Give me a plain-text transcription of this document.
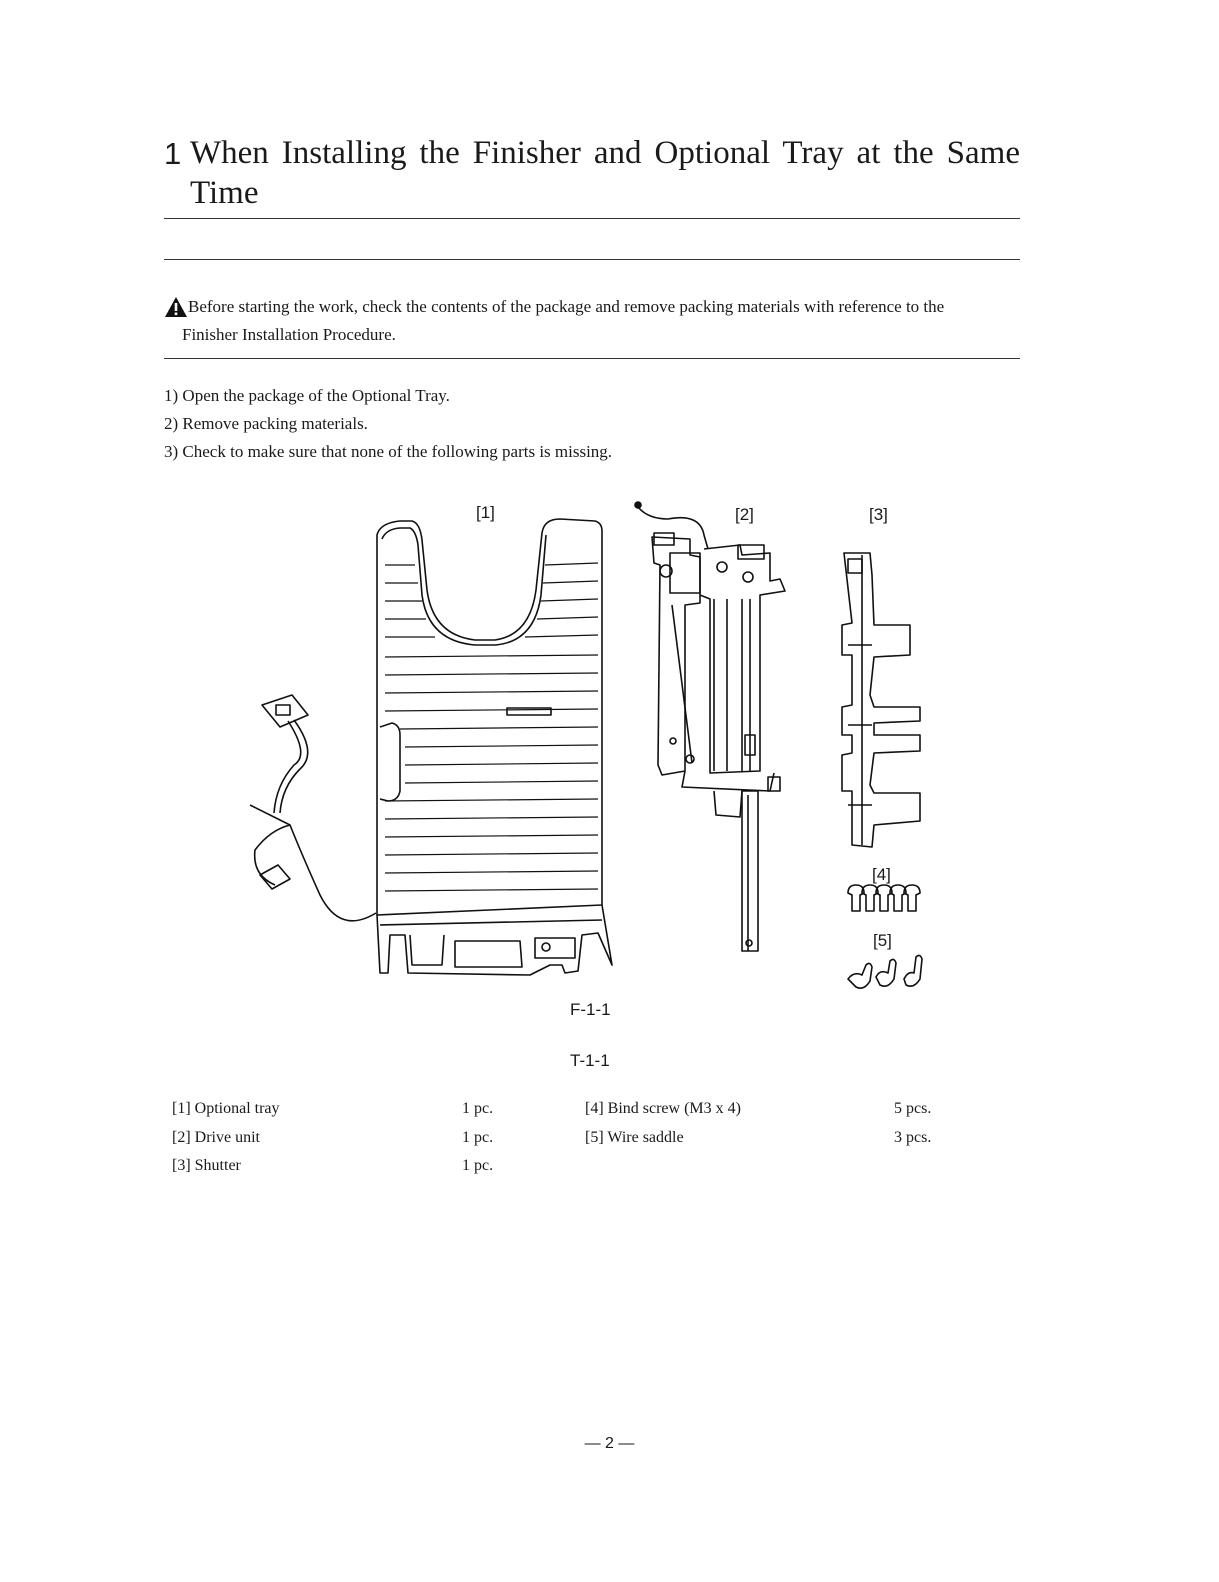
1 When Installing the Finisher and Optional Tray at the Same Time
Before starting the work, check the contents of the package and remove packing materials with reference to the
Finisher Installation Procedure.
1) Open the package of the Optional Tray.
2) Remove packing materials.
3) Check to make sure that none of the following parts is missing.
[1]	[2]	[3]
[4]
[5]
F-1-1
T-1-1
[1] Optional tray	1 pc.	[4] Bind screw (M3 x 4)	5 pcs.
[2] Drive unit	1 pc.	[5] Wire saddle	3 pcs.
[3] Shutter	1 pc.
— 2 —
